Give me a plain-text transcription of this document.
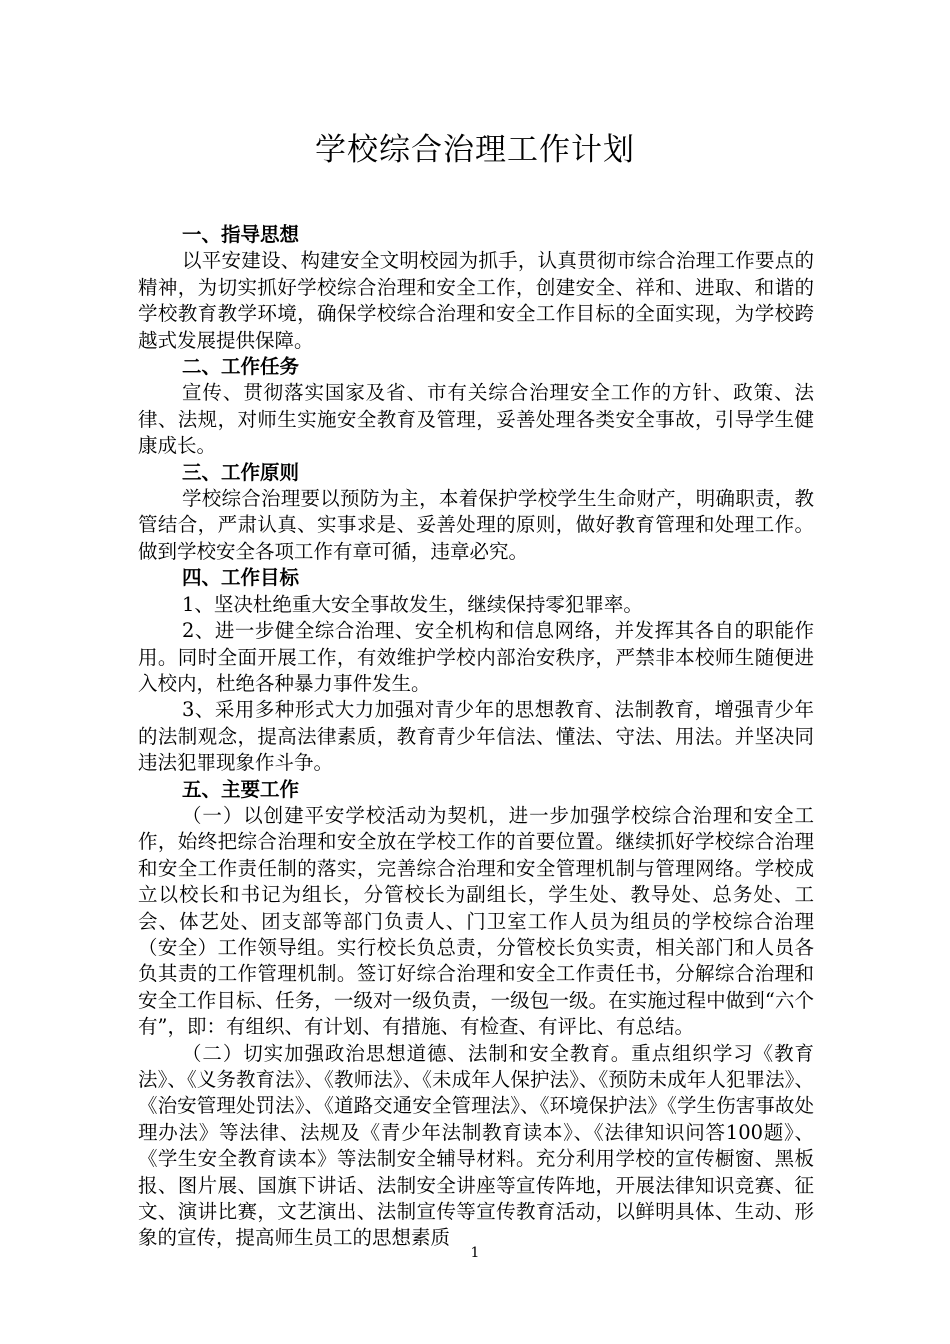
学校综合治理工作计划

一、指导思想

以平安建设、构建安全文明校园为抓手，认真贯彻市综合治理工作要点的精神，为切实抓好学校综合治理和安全工作，创建安全、祥和、进取、和谐的学校教育教学环境，确保学校综合治理和安全工作目标的全面实现，为学校跨越式发展提供保障。

二、工作任务

宣传、贯彻落实国家及省、市有关综合治理安全工作的方针、政策、法律、法规，对师生实施安全教育及管理，妥善处理各类安全事故，引导学生健康成长。

三、工作原则

学校综合治理要以预防为主，本着保护学校学生生命财产，明确职责，教管结合，严肃认真、实事求是、妥善处理的原则，做好教育管理和处理工作。做到学校安全各项工作有章可循，违章必究。

四、工作目标

1、坚决杜绝重大安全事故发生，继续保持零犯罪率。

2、进一步健全综合治理、安全机构和信息网络，并发挥其各自的职能作用。同时全面开展工作，有效维护学校内部治安秩序，严禁非本校师生随便进入校内，杜绝各种暴力事件发生。

3、采用多种形式大力加强对青少年的思想教育、法制教育，增强青少年的法制观念，提高法律素质，教育青少年信法、懂法、守法、用法。并坚决同违法犯罪现象作斗争。

五、主要工作

（一）以创建平安学校活动为契机，进一步加强学校综合治理和安全工作，始终把综合治理和安全放在学校工作的首要位置。继续抓好学校综合治理和安全工作责任制的落实，完善综合治理和安全管理机制与管理网络。学校成立以校长和书记为组长，分管校长为副组长，学生处、教导处、总务处、工会、体艺处、团支部等部门负责人、门卫室工作人员为组员的学校综合治理（安全）工作领导组。实行校长负总责，分管校长负实责，相关部门和人员各负其责的工作管理机制。签订好综合治理和安全工作责任书，分解综合治理和安全工作目标、任务，一级对一级负责，一级包一级。在实施过程中做到“六个有”，即：有组织、有计划、有措施、有检查、有评比、有总结。

（二）切实加强政治思想道德、法制和安全教育。重点组织学习《教育法》、《义务教育法》、《教师法》、《未成年人保护法》、《预防未成年人犯罪法》、《治安管理处罚法》、《道路交通安全管理法》、《环境保护法》《学生伤害事故处理办法》等法律、法规及《青少年法制教育读本》、《法律知识问答100题》、《学生安全教育读本》等法制安全辅导材料。充分利用学校的宣传橱窗、黑板报、图片展、国旗下讲话、法制安全讲座等宣传阵地，开展法律知识竞赛、征文、演讲比赛，文艺演出、法制宣传等宣传教育活动，以鲜明具体、生动、形象的宣传，提高师生员工的思想素质

1
